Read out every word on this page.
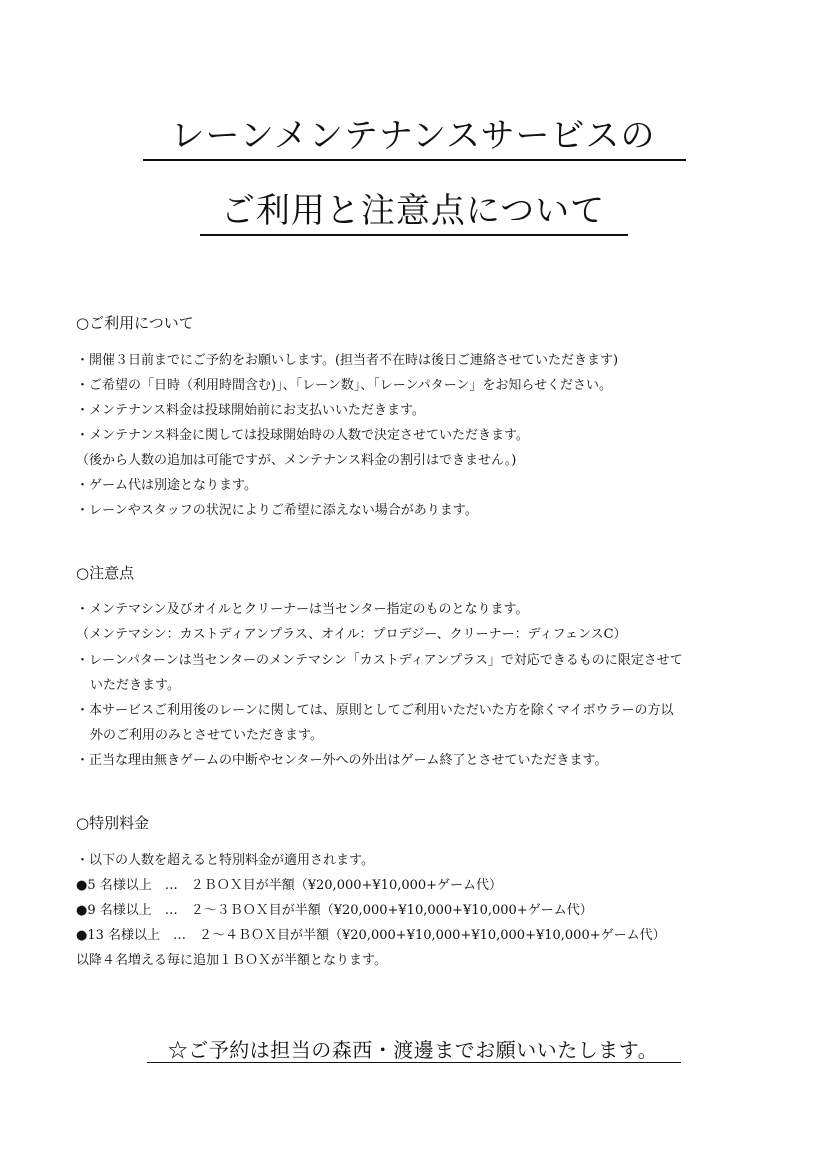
レーンメンテナンスサービスの
ご利用と注意点について
○ご利用について
・開催３日前までにご予約をお願いします。(担当者不在時は後日ご連絡させていただきます)
・ご希望の「日時（利用時間含む)」、「レーン数」、「レーンパターン」をお知らせください。
・メンテナンス料金は投球開始前にお支払いいただきます。
・メンテナンス料金に関しては投球開始時の人数で決定させていただきます。
（後から人数の追加は可能ですが、メンテナンス料金の割引はできません。)
・ゲーム代は別途となります。
・レーンやスタッフの状況によりご希望に添えない場合があります。
○注意点
・メンテマシン及びオイルとクリーナーは当センター指定のものとなります。
（メンテマシン：カストディアンプラス、オイル：プロデジー、クリーナー：ディフェンスC）
・レーンパターンは当センターのメンテマシン「カストディアンプラス」で対応できるものに限定させて
いただきます。
・本サービスご利用後のレーンに関しては、原則としてご利用いただいた方を除くマイボウラーの方以
外のご利用のみとさせていただきます。
・正当な理由無きゲームの中断やセンター外への外出はゲーム終了とさせていただきます。
○特別料金
・以下の人数を超えると特別料金が適用されます。
●5 名様以上　…　２ＢＯＸ目が半額（¥20,000+¥10,000+ゲーム代）
●9 名様以上　…　２〜３ＢＯＸ目が半額（¥20,000+¥10,000+¥10,000+ゲーム代）
●13 名様以上　…　２〜４ＢＯＸ目が半額（¥20,000+¥10,000+¥10,000+¥10,000+ゲーム代）
以降４名増える毎に追加１ＢＯＸが半額となります。
☆ご予約は担当の森西・渡邊までお願いいたします。
